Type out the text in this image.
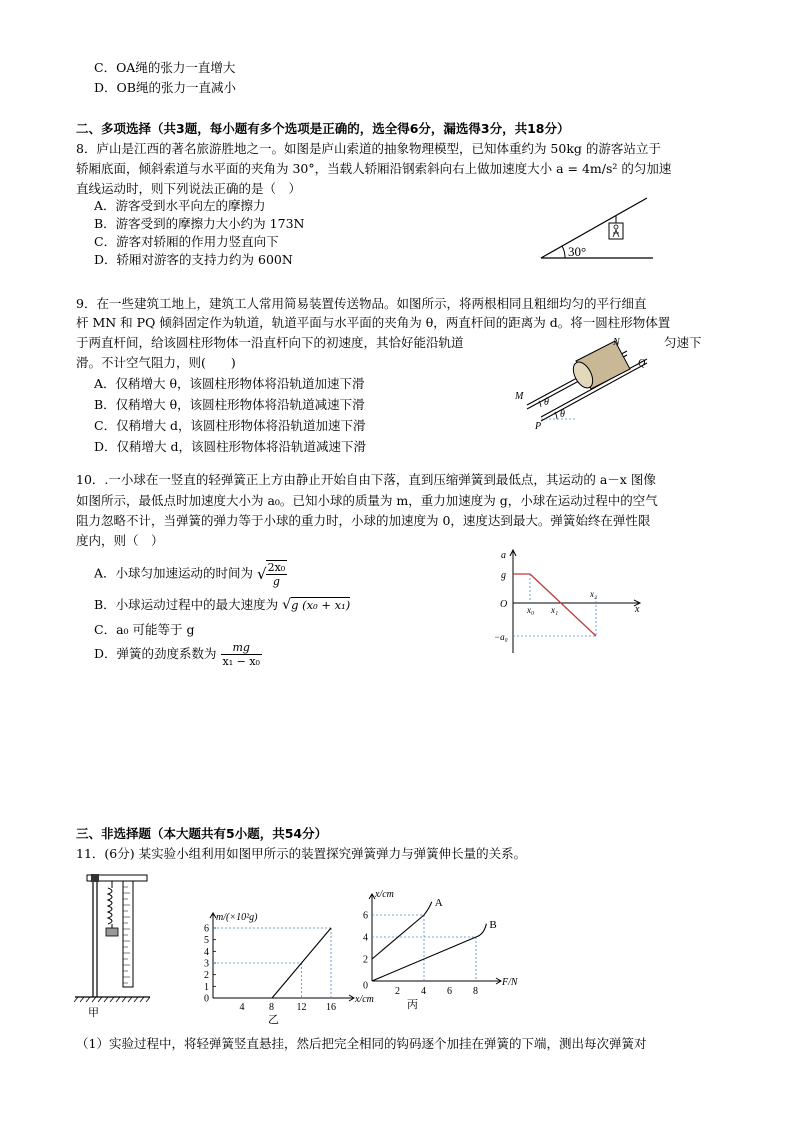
C．OA绳的张力一直增大
D．OB绳的张力一直减小
二、多项选择（共3题，每小题有多个选项是正确的，选全得6分，漏选得3分，共18分）
8．庐山是江西的著名旅游胜地之一。如图是庐山索道的抽象物理模型，已知体重约为 50kg 的游客站立于
轿厢底面，倾斜索道与水平面的夹角为 30°，当载人轿厢沿钢索斜向右上做加速度大小 a = 4m/s² 的匀加速
直线运动时，则下列说法正确的是（　）
A．游客受到水平向左的摩擦力
B．游客受到的摩擦力大小约为 173N
C．游客对轿厢的作用力竖直向下
D．轿厢对游客的支持力约为 600N
30°
9．在一些建筑工地上，建筑工人常用简易装置传送物品。如图所示，将两根相同且粗细均匀的平行细直
杆 MN 和 PQ 倾斜固定作为轨道，轨道平面与水平面的夹角为 θ，两直杆间的距离为 d。将一圆柱形物体置
于两直杆间，给该圆柱形物体一沿直杆向下的初速度，其恰好能沿轨道	匀速下
滑。不计空气阻力，则(　　)
A．仅稍增大 θ，该圆柱形物体将沿轨道加速下滑
B．仅稍增大 θ，该圆柱形物体将沿轨道减速下滑
C．仅稍增大 d，该圆柱形物体将沿轨道加速下滑
D．仅稍增大 d，该圆柱形物体将沿轨道减速下滑
N
Q
M
P
θ
θ
10．.一小球在一竖直的轻弹簧正上方由静止开始自由下落，直到压缩弹簧到最低点，其运动的 a－x 图像
如图所示，最低点时加速度大小为 a₀。已知小球的质量为 m，重力加速度为 g，小球在运动过程中的空气
阻力忽略不计，当弹簧的弹力等于小球的重力时，小球的加速度为 0，速度达到最大。弹簧始终在弹性限
度内，则（　）
A．小球匀加速运动的时间为 √ $\frac{\text{2x₀}}{g}$
B．小球运动过程中的最大速度为 √g (x₀ + x₁)
C．a₀ 可能等于 g
D．弹簧的劲度系数为 $\frac{mg}{\text{x₁ − x₀}}$
a
g
O x₀ x₁
x₂
x
−a₀
三、非选择题（本大题共有5小题，共54分）
11．(6分) 某实验小组利用如图甲所示的装置探究弹簧弹力与弹簧伸长量的关系。
甲
0
1
2
3
4
5
6
4 8 12 16
m/(×10²g)
x/cm
乙
0
2
4
6
2 4 6 8
A
B
x/cm
F/N
丙
（1）实验过程中，将轻弹簧竖直悬挂，然后把完全相同的钩码逐个加挂在弹簧的下端，测出每次弹簧对
